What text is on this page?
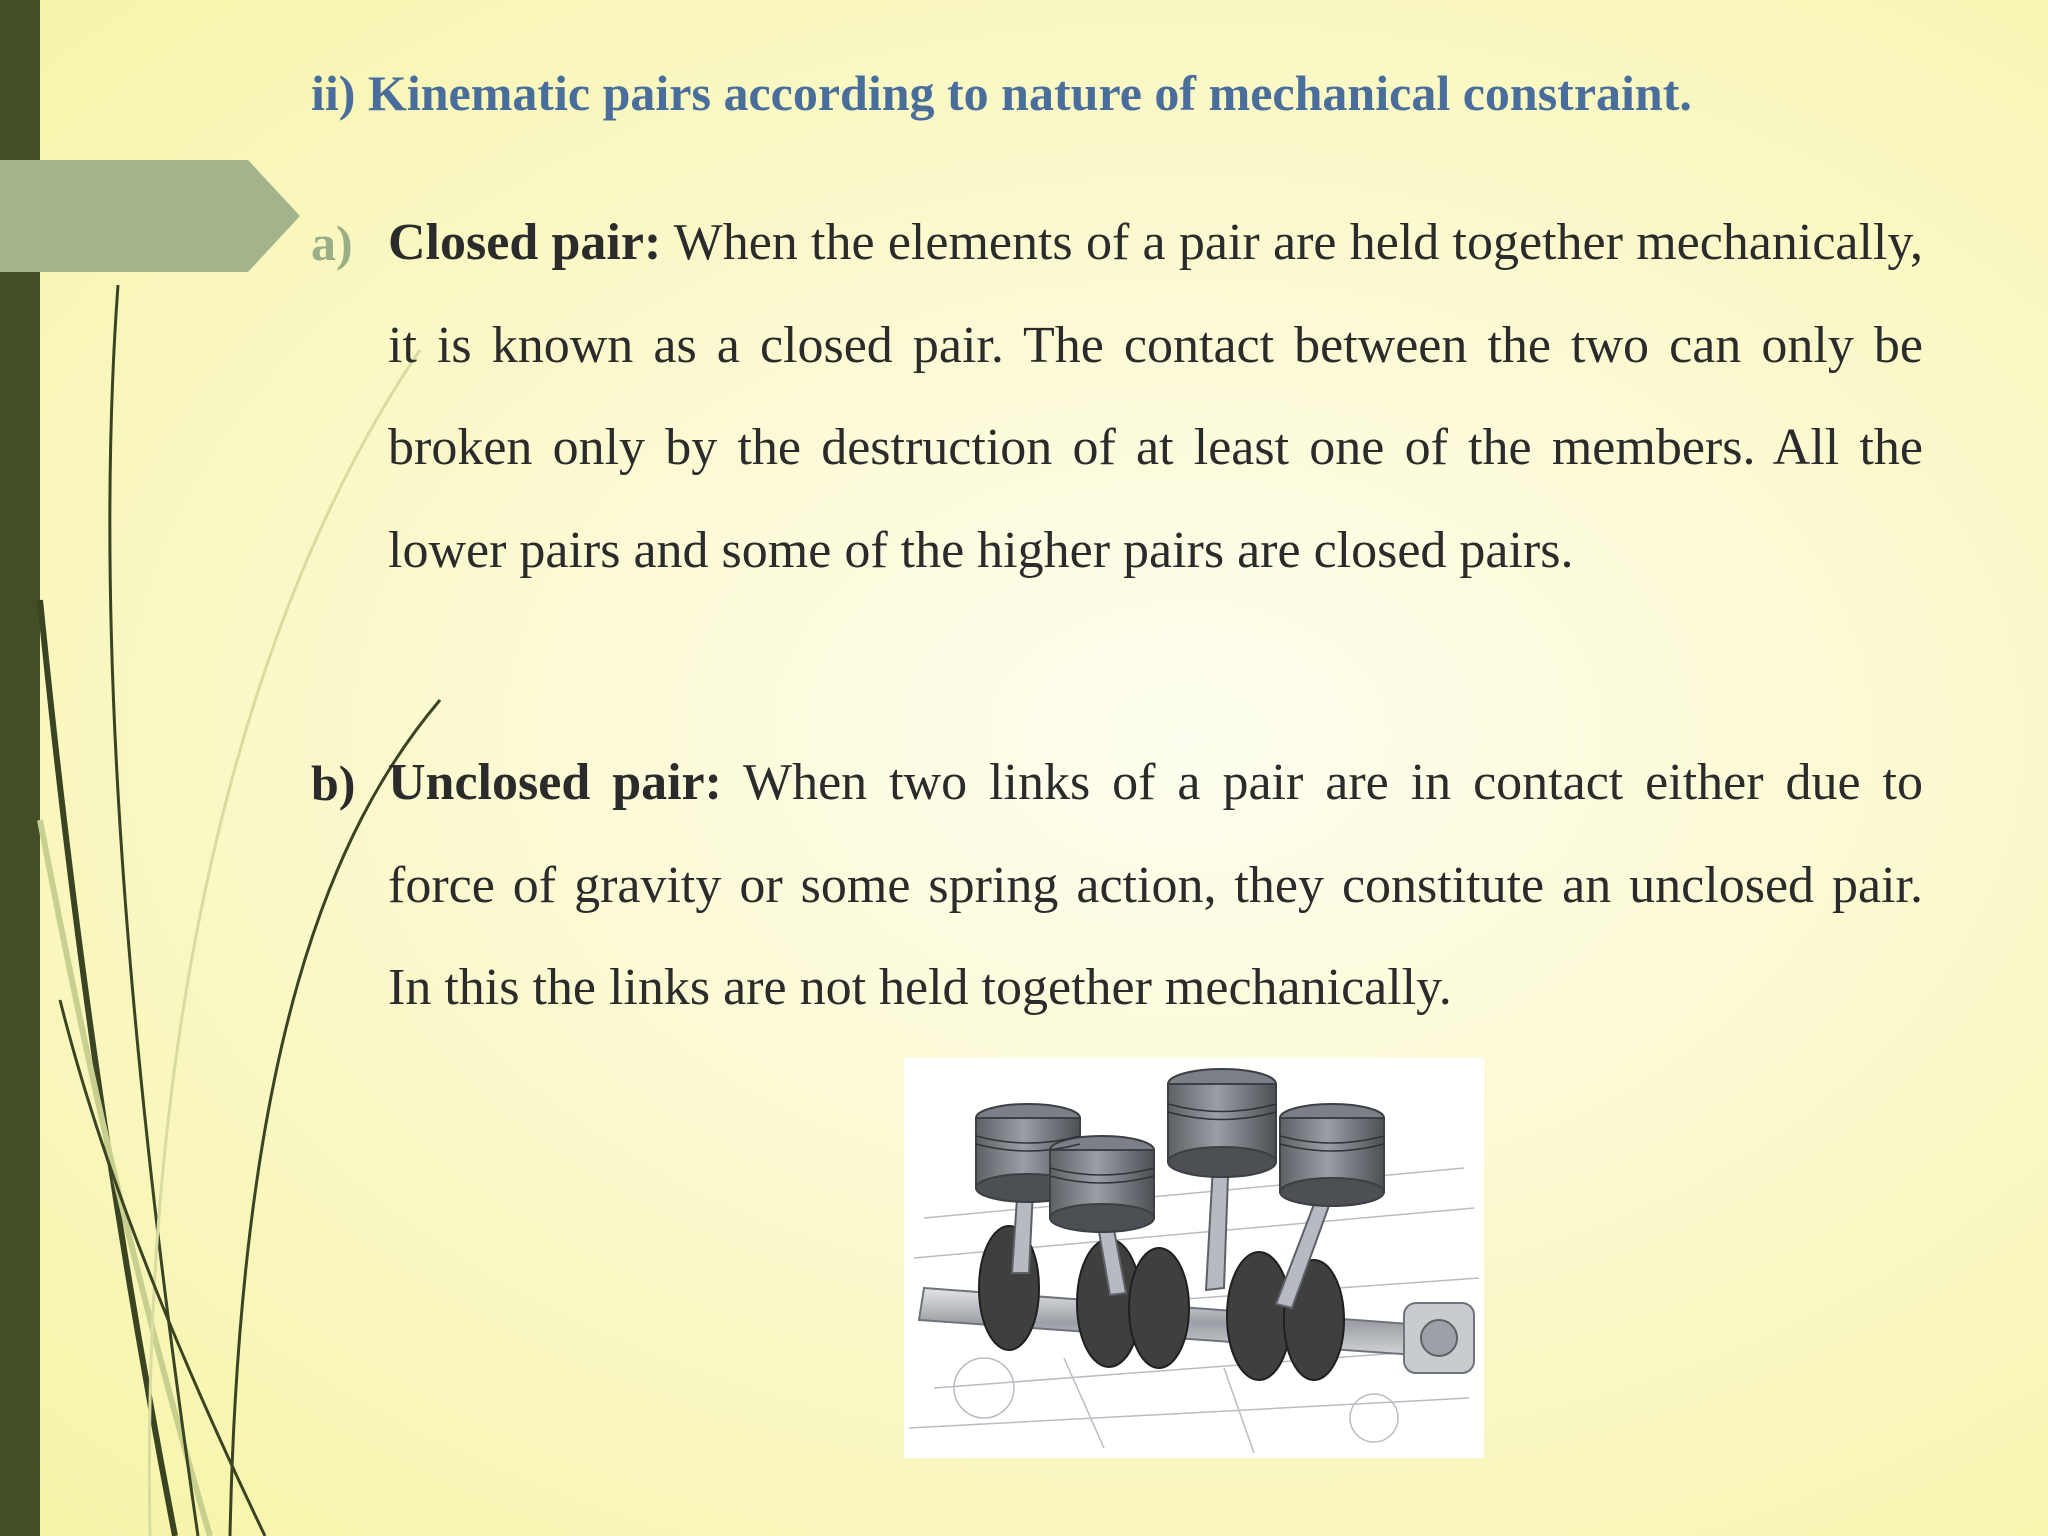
ii) Kinematic pairs according to nature of mechanical constraint.
a) Closed pair: When the elements of a pair are held together mechanically, it is known as a closed pair. The contact between the two can only be broken only by the destruction of at least one of the members. All the lower pairs and some of the higher pairs are closed pairs.

b) Unclosed pair: When two links of a pair are in contact either due to force of gravity or some spring action, they constitute an unclosed pair. In this the links are not held together mechanically.
